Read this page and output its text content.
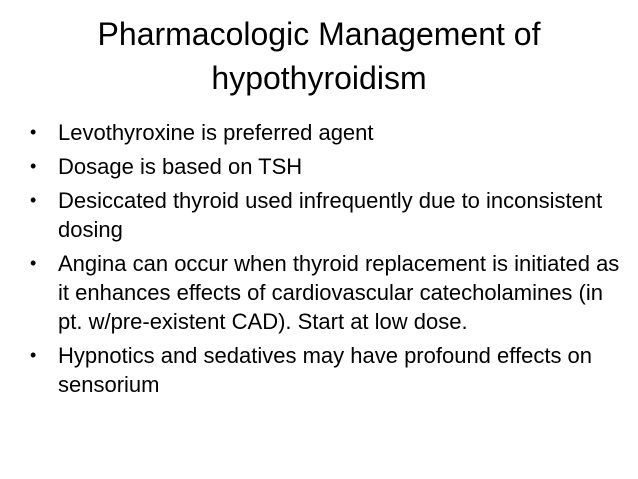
Pharmacologic Management of hypothyroidism
• Levothyroxine is preferred agent
• Dosage is based on TSH
• Desiccated thyroid used infrequently due to inconsistent dosing
• Angina can occur when thyroid replacement is initiated as it enhances effects of cardiovascular catecholamines (in pt. w/pre-existent CAD). Start at low dose.
• Hypnotics and sedatives may have profound effects on sensorium
